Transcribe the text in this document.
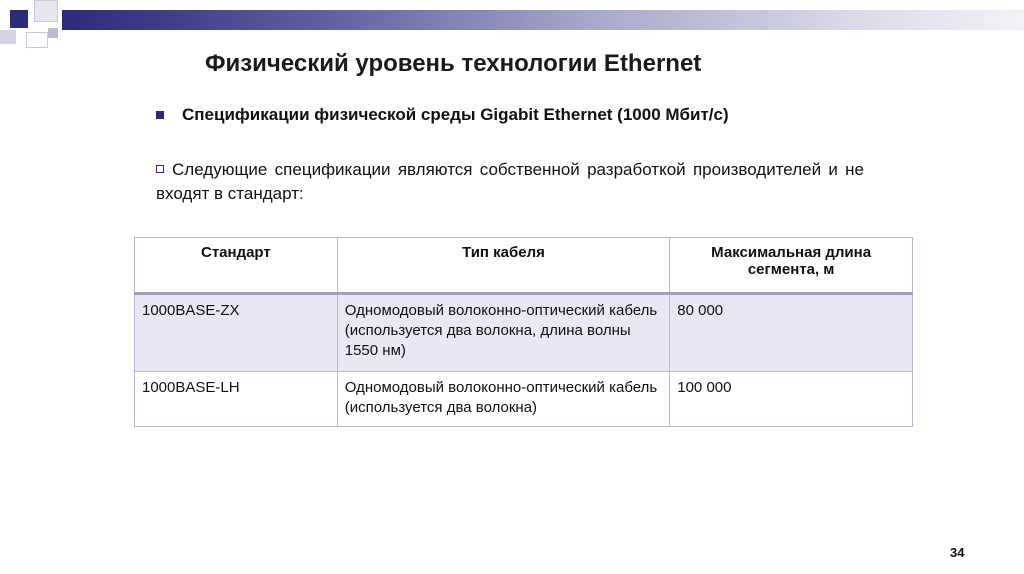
Физический уровень технологии Ethernet
Спецификации физической среды Gigabit Ethernet (1000 Мбит/с)
Следующие спецификации являются собственной разработкой производителей и не входят в стандарт:
Стандарт	Тип кабеля	Максимальная длина сегмента, м
1000BASE-ZX	Одномодовый волоконно-оптический кабель (используется два волокна, длина волны 1550 нм)	80 000
1000BASE-LH	Одномодовый волоконно-оптический кабель (используется два волокна)	100 000
34
